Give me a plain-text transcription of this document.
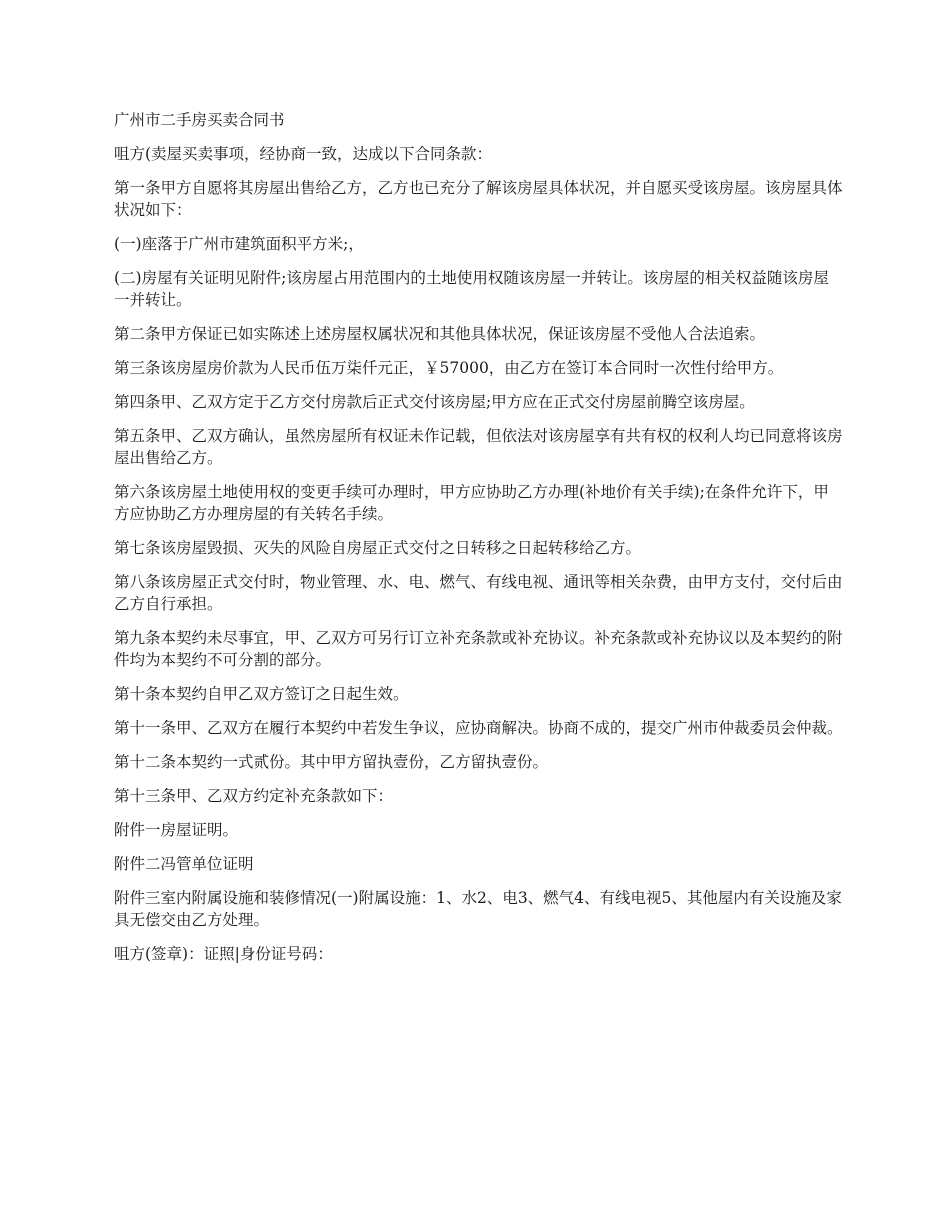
广州市二手房买卖合同书

咀方(卖屋买卖事项，经协商一致，达成以下合同条款：

第一条甲方自愿将其房屋出售给乙方，乙方也已充分了解该房屋具体状况，并自愿买受该房屋。该房屋具体状况如下：

(一)座落于广州市建筑面积平方米;，

(二)房屋有关证明见附件;该房屋占用范围内的土地使用权随该房屋一并转让。该房屋的相关权益随该房屋一并转让。

第二条甲方保证已如实陈述上述房屋权属状况和其他具体状况，保证该房屋不受他人合法追索。

第三条该房屋房价款为人民币伍万柒仟元正，￥57000，由乙方在签订本合同时一次性付给甲方。

第四条甲、乙双方定于乙方交付房款后正式交付该房屋;甲方应在正式交付房屋前腾空该房屋。

第五条甲、乙双方确认，虽然房屋所有权证未作记载，但依法对该房屋享有共有权的权利人均已同意将该房屋出售给乙方。

第六条该房屋土地使用权的变更手续可办理时，甲方应协助乙方办理(补地价有关手续);在条件允许下，甲方应协助乙方办理房屋的有关转名手续。

第七条该房屋毁损、灭失的风险自房屋正式交付之日转移之日起转移给乙方。

第八条该房屋正式交付时，物业管理、水、电、燃气、有线电视、通讯等相关杂费，由甲方支付，交付后由乙方自行承担。

第九条本契约未尽事宜，甲、乙双方可另行订立补充条款或补充协议。补充条款或补充协议以及本契约的附件均为本契约不可分割的部分。

第十条本契约自甲乙双方签订之日起生效。

第十一条甲、乙双方在履行本契约中若发生争议，应协商解决。协商不成的，提交广州市仲裁委员会仲裁。

第十二条本契约一式贰份。其中甲方留执壹份，乙方留执壹份。

第十三条甲、乙双方约定补充条款如下：

附件一房屋证明。

附件二冯管单位证明

附件三室内附属设施和装修情况(一)附属设施：1、水2、电3、燃气4、有线电视5、其他屋内有关设施及家具无偿交由乙方处理。

咀方(签章)：证照|身份证号码：
